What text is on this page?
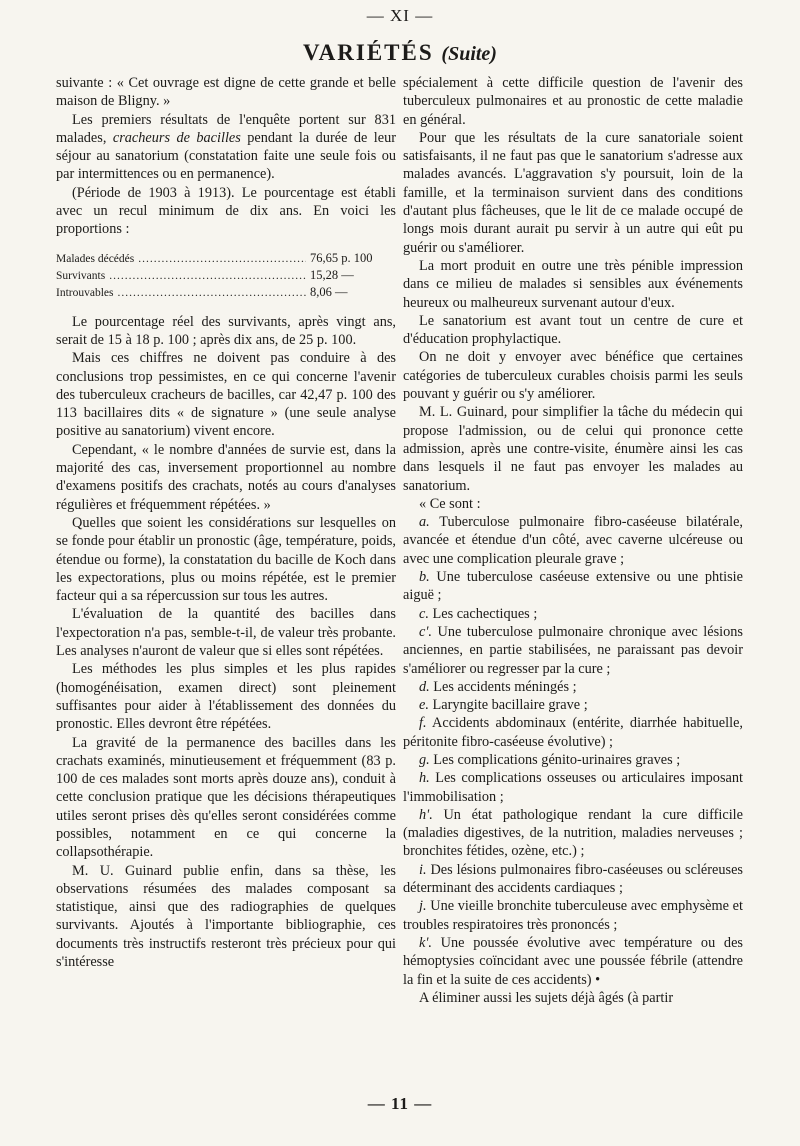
— XI —
VARIÉTÉS (Suite)

suivante : « Cet ouvrage est digne de cette grande et belle maison de Bligny. »

Les premiers résultats de l'enquête portent sur 831 malades, cracheurs de bacilles pendant la durée de leur séjour au sanatorium (constatation faite une seule fois ou par intermittences ou en permanence).

(Période de 1903 à 1913). Le pourcentage est établi avec un recul minimum de dix ans. En voici les proportions :

Malades décédés .....	76,65 p. 100
Survivants .....	15,28 —
Introuvables .....	8,06 —

Le pourcentage réel des survivants, après vingt ans, serait de 15 à 18 p. 100 ; après dix ans, de 25 p. 100.

Mais ces chiffres ne doivent pas conduire à des conclusions trop pessimistes, en ce qui concerne l'avenir des tuberculeux cracheurs de bacilles, car 42,47 p. 100 des 113 bacillaires dits « de signature » (une seule analyse positive au sanatorium) vivent encore.

Cependant, « le nombre d'années de survie est, dans la majorité des cas, inversement proportionnel au nombre d'examens positifs des crachats, notés au cours d'analyses régulières et fréquemment répétées. »

Quelles que soient les considérations sur lesquelles on se fonde pour établir un pronostic (âge, température, poids, étendue ou forme), la constatation du bacille de Koch dans les expectorations, plus ou moins répétée, est le premier facteur qui a sa répercussion sur tous les autres.

L'évaluation de la quantité des bacilles dans l'expectoration n'a pas, semble-t-il, de valeur très probante. Les analyses n'auront de valeur que si elles sont répétées.

Les méthodes les plus simples et les plus rapides (homogénéisation, examen direct) sont pleinement suffisantes pour aider à l'établissement des données du pronostic. Elles devront être répétées.

La gravité de la permanence des bacilles dans les crachats examinés, minutieusement et fréquemment (83 p. 100 de ces malades sont morts après douze ans), conduit à cette conclusion pratique que les décisions thérapeutiques utiles seront prises dès qu'elles seront considérées comme possibles, notamment en ce qui concerne la collapsothérapie.

M. U. Guinard publie enfin, dans sa thèse, les observations résumées des malades composant sa statistique, ainsi que des radiographies de quelques survivants. Ajoutés à l'importante bibliographie, ces documents très instructifs resteront très précieux pour qui s'intéresse

spécialement à cette difficile question de l'avenir des tuberculeux pulmonaires et au pronostic de cette maladie en général.

Pour que les résultats de la cure sanatoriale soient satisfaisants, il ne faut pas que le sanatorium s'adresse aux malades avancés. L'aggravation s'y poursuit, loin de la famille, et la terminaison survient dans des conditions d'autant plus fâcheuses, que le lit de ce malade occupé de longs mois durant aurait pu servir à un autre qui eût pu guérir ou s'améliorer.

La mort produit en outre une très pénible impression dans ce milieu de malades si sensibles aux événements heureux ou malheureux survenant autour d'eux.

Le sanatorium est avant tout un centre de cure et d'éducation prophylactique.

On ne doit y envoyer avec bénéfice que certaines catégories de tuberculeux curables choisis parmi les seuls pouvant y guérir ou s'y améliorer.

M. L. Guinard, pour simplifier la tâche du médecin qui propose l'admission, ou de celui qui prononce cette admission, après une contre-visite, énumère ainsi les cas dans lesquels il ne faut pas envoyer les malades au sanatorium.

« Ce sont :

a. Tuberculose pulmonaire fibro-caséeuse bilatérale, avancée et étendue d'un côté, avec caverne ulcéreuse ou avec une complication pleurale grave ;

b. Une tuberculose caséeuse extensive ou une phtisie aiguë ;

c. Les cachectiques ;

c'. Une tuberculose pulmonaire chronique avec lésions anciennes, en partie stabilisées, ne paraissant pas devoir s'améliorer ou regresser par la cure ;

d. Les accidents méningés ;

e. Laryngite bacillaire grave ;

f. Accidents abdominaux (entérite, diarrhée habituelle, péritonite fibro-caséeuse évolutive) ;

g. Les complications génito-urinaires graves ;

h. Les complications osseuses ou articulaires imposant l'immobilisation ;

h'. Un état pathologique rendant la cure difficile (maladies digestives, de la nutrition, maladies nerveuses ; bronchites fétides, ozène, etc.) ;

i. Des lésions pulmonaires fibro-caséeuses ou scléreuses déterminant des accidents cardiaques ;

j. Une vieille bronchite tuberculeuse avec emphysème et troubles respiratoires très prononcés ;

k'. Une poussée évolutive avec température ou des hémoptysies coïncidant avec une poussée fébrile (attendre la fin et la suite de ces accidents) •

A éliminer aussi les sujets déjà âgés (à partir

— 11 —
